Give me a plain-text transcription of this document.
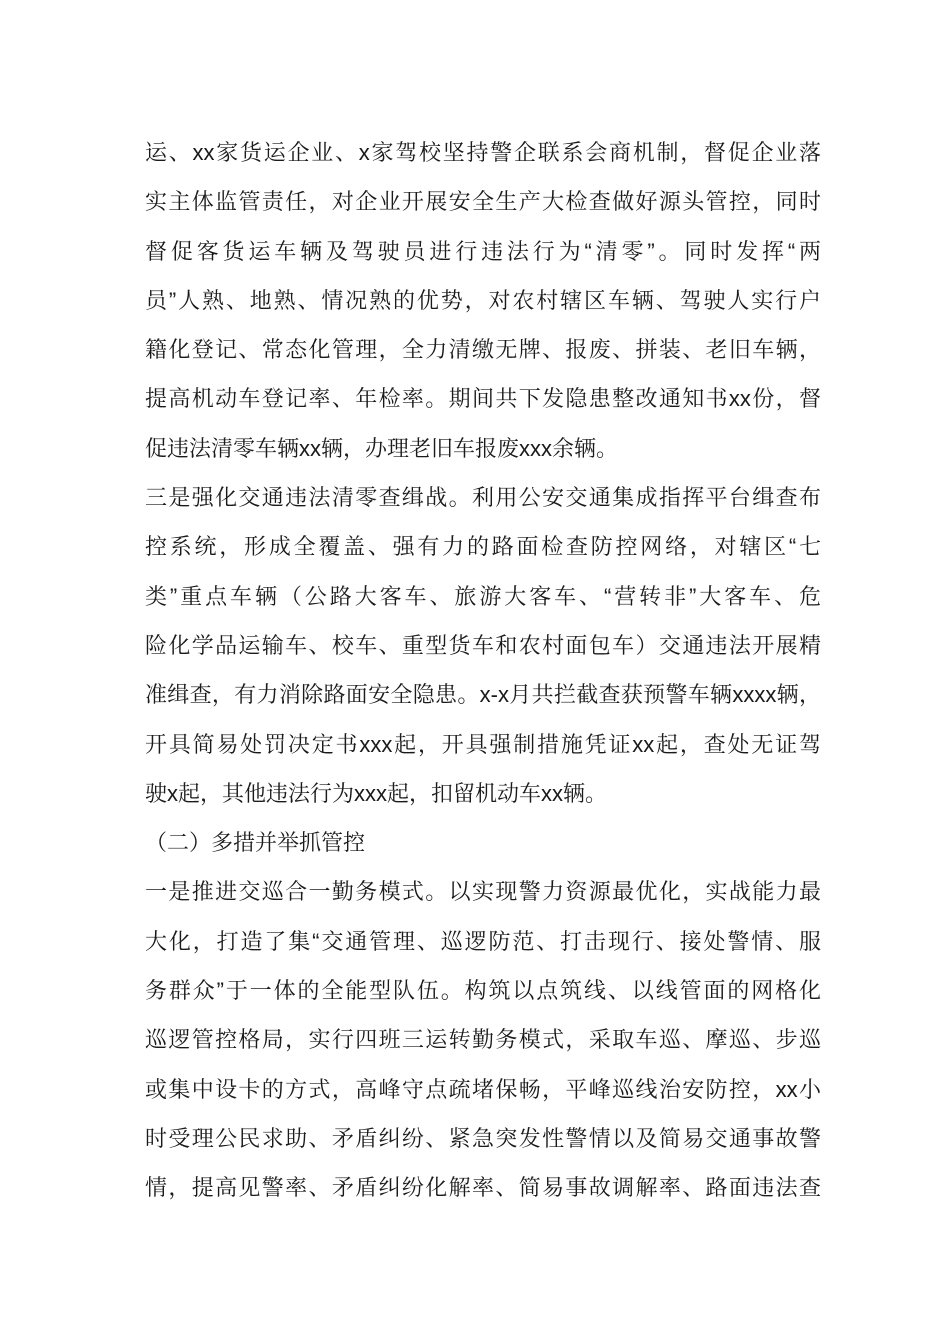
运、xx家货运企业、x家驾校坚持警企联系会商机制，督促企业落
实主体监管责任，对企业开展安全生产大检查做好源头管控，同时
督促客货运车辆及驾驶员进行违法行为“清零”。同时发挥“两
员”人熟、地熟、情况熟的优势，对农村辖区车辆、驾驶人实行户
籍化登记、常态化管理，全力清缴无牌、报废、拼装、老旧车辆，
提高机动车登记率、年检率。期间共下发隐患整改通知书xx份，督
促违法清零车辆xx辆，办理老旧车报废xxx余辆。
三是强化交通违法清零查缉战。利用公安交通集成指挥平台缉查布
控系统，形成全覆盖、强有力的路面检查防控网络，对辖区“七
类”重点车辆（公路大客车、旅游大客车、“营转非”大客车、危
险化学品运输车、校车、重型货车和农村面包车）交通违法开展精
准缉查，有力消除路面安全隐患。x-x月共拦截查获预警车辆xxxx辆，
开具简易处罚决定书xxx起，开具强制措施凭证xx起，查处无证驾
驶x起，其他违法行为xxx起，扣留机动车xx辆。
（二）多措并举抓管控
一是推进交巡合一勤务模式。以实现警力资源最优化，实战能力最
大化，打造了集“交通管理、巡逻防范、打击现行、接处警情、服
务群众”于一体的全能型队伍。构筑以点筑线、以线管面的网格化
巡逻管控格局，实行四班三运转勤务模式，采取车巡、摩巡、步巡
或集中设卡的方式，高峰守点疏堵保畅，平峰巡线治安防控，xx小
时受理公民求助、矛盾纠纷、紧急突发性警情以及简易交通事故警
情，提高见警率、矛盾纠纷化解率、简易事故调解率、路面违法查
